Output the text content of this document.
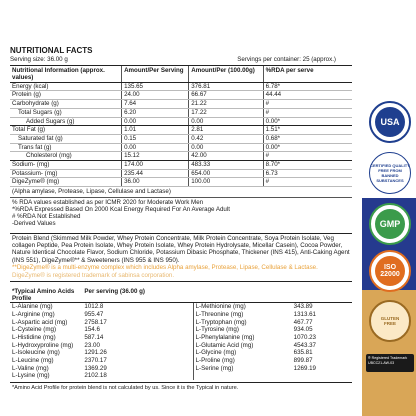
NUTRITIONAL FACTS
Serving size: 36.00 g	Servings per container: 25 (approx.)
Nutritional Information (approx. values)	Amount/Per Serving	Amount/Per (100.00g)	%RDA per serve
Energy (kcal)	135.65	376.81	6.78*
Protein (g)	24.00	66.67	44.44
Carbohydrate (g)	7.64	21.22	#
Total Sugars (g)	6.20	17.22	#
Added Sugars (g)	0.00	0.00	0.00*
Total Fat (g)	1.01	2.81	1.51*
Saturated fat (g)	0.15	0.42	0.68*
Trans fat (g)	0.00	0.00	0.00*
Cholesterol (mg)	15.12	42.00	#
Sodium- (mg)	174.00	483.33	8.70*
Potassium- (mg)	235.44	654.00	6.73
DigeZyme® (mg)	36.00	100.00	#
(Alpha amylase, Protease, Lipase, Cellulase and Lactase)
% RDA values established as per ICMR 2020 for Moderate Work Men
*%RDA Expressed Based On 2000 Kcal Energy Required For An Average Adult
# %RDA Not Established
-Derived Values
Protein Blend (Skimmed Milk Powder, Whey Protein Concentrate, Milk Protein Concentrate, Soya Protein Isolate, Veg collagen Peptide, Pea Protein Isolate, Whey Protein Isolate, Whey Protein Hydrolysate, Micellar Casein), Cocoa Powder, Nature Identical Chocolate Flavor, Sodium Chloride, Potassium Dibasic Phosphate, Thickener (INS 415), Anti-Caking Agent (INS 551), DigeZyme®** & Sweeteners (INS 955 & INS 950).
**DigeZyme® is a multi-enzyme complex which includes Alpha amylase, Protease, Lipase, Cellulase & Lactase.
DigeZyme® is registered trademark of sabinsa corporation.
*Typical Amino Acids Profile	Per serving (36.00 g)		
L-Alanine (mg)	1012.8	L-Methionine (mg)	343.89
L-Arginine (mg)	955.47	L-Threonine (mg)	1313.61
L-Aspartic acid (mg)	2758.17	L-Tryptophan (mg)	467.77
L-Cysteine (mg)	154.6	L-Tyrosine (mg)	934.05
L-Histidine (mg)	587.14	L-Phenylalanine (mg)	1070.23
L-Hydroxyproline (mg)	23.00	L-Glutamic Acid (mg)	4543.37
L-Isoleucine (mg)	1291.26	L-Glycine (mg)	635.81
L-Leucine (mg)	2370.17	L-Proline (mg)	899.87
L-Valine (mg)	1369.29	L-Serine (mg)	1269.19
L-Lysine (mg)	2102.18		
*Amino Acid Profile for protein blend is not calculated by us. Since it is the Typical in nature.
USA
CERTIFIED QUALITY
FREE FROM BANNED SUBSTANCES
GMP
ISO 22000
GLUTEN
FREE
® Registered Trademark
UBCC21-AW-03
